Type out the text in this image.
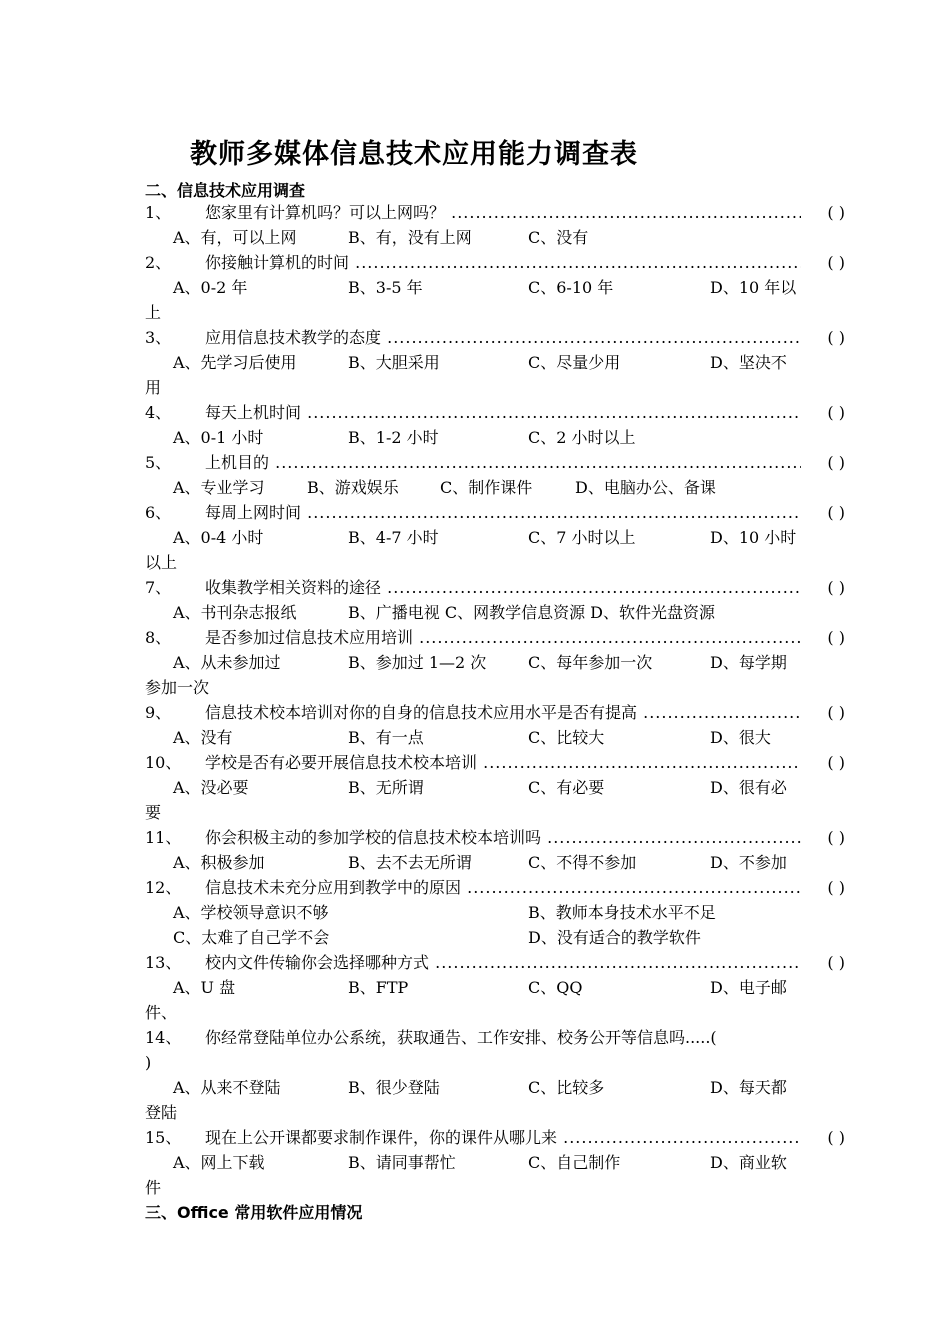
教师多媒体信息技术应用能力调查表
二、信息技术应用调查
1、 您家里有计算机吗？可以上网吗？ .....	( )
A、有，可以上网	B、有，没有上网	C、没有
2、 你接触计算机的时间 .....	( )
A、0-2 年	B、3-5 年	C、6-10 年	D、10 年以
上
3、 应用信息技术教学的态度 .....	( )
A、先学习后使用	B、大胆采用	C、尽量少用	D、坚决不
用
4、 每天上机时间 .....	( )
A、0-1 小时	B、1-2 小时	C、2 小时以上
5、 上机目的 .....	( )
A、专业学习	B、游戏娱乐	C、制作课件	D、电脑办公、备课
6、 每周上网时间 .....	( )
A、0-4 小时	B、4-7 小时	C、7 小时以上	D、10 小时
以上
7、 收集教学相关资料的途径 .....	( )
A、书刊杂志报纸	B、广播电视 C、网教学信息资源 D、软件光盘资源
8、 是否参加过信息技术应用培训 .....	( )
A、从未参加过	B、参加过 1—2 次	C、每年参加一次	D、每学期
参加一次
9、 信息技术校本培训对你的自身的信息技术应用水平是否有提高 .....	( )
A、没有	B、有一点	C、比较大	D、很大
10、 学校是否有必要开展信息技术校本培训 .....	( )
A、没必要	B、无所谓	C、有必要	D、很有必
要
11、 你会积极主动的参加学校的信息技术校本培训吗 .....	( )
A、积极参加	B、去不去无所谓	C、不得不参加	D、不参加
12、 信息技术未充分应用到教学中的原因 .....	( )
A、学校领导意识不够	B、教师本身技术水平不足
C、太难了自己学不会	D、没有适合的教学软件
13、 校内文件传输你会选择哪种方式 .....	( )
A、U 盘	B、FTP	C、QQ	D、电子邮
件、
14、 你经常登陆单位办公系统，获取通告、工作安排、校务公开等信息吗.....(
)
A、从来不登陆	B、很少登陆	C、比较多	D、每天都
登陆
15、 现在上公开课都要求制作课件，你的课件从哪儿来 .....	( )
A、网上下载	B、请同事帮忙	C、自己制作	D、商业软
件
三、Office 常用软件应用情况
